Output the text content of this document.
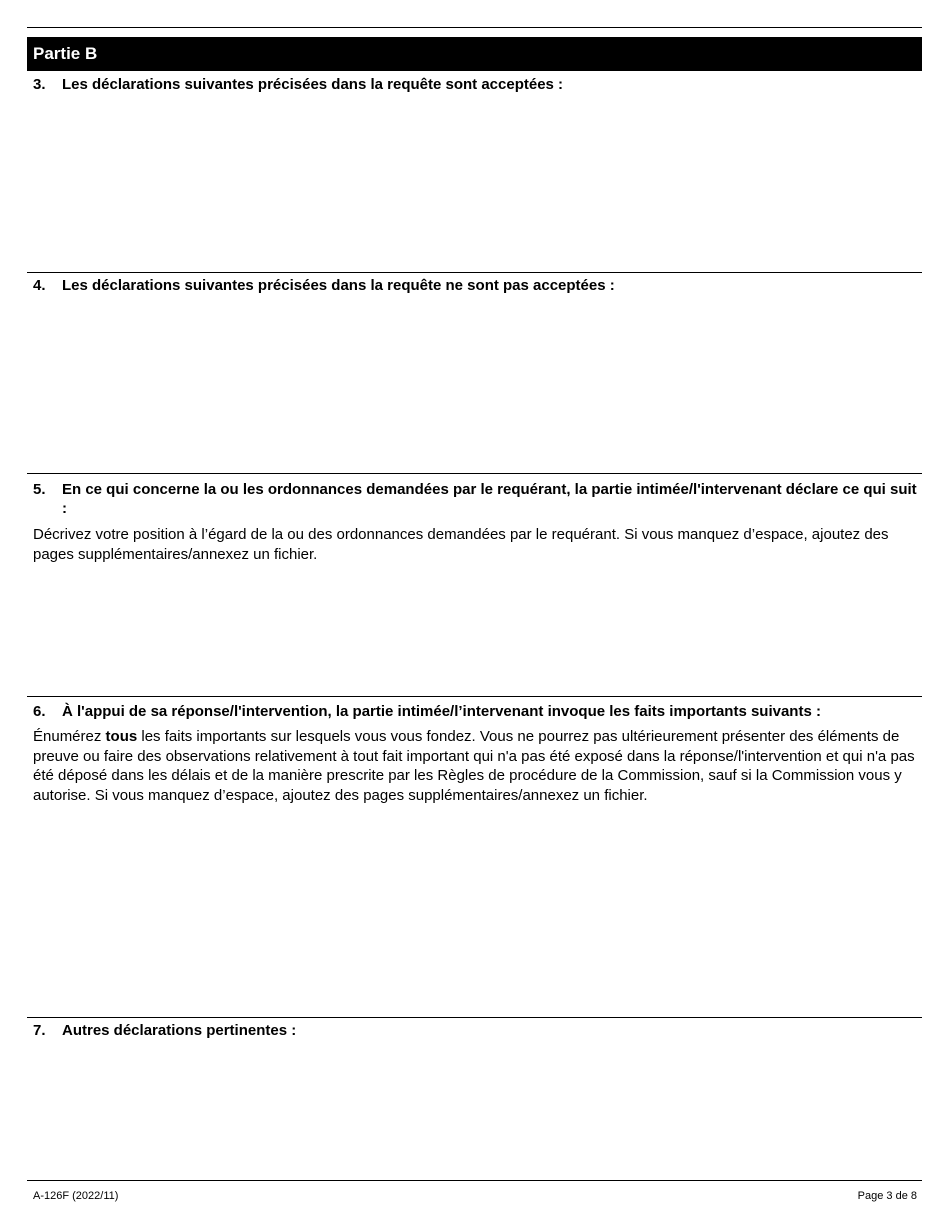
Partie B
3.	Les déclarations suivantes précisées dans la requête sont acceptées :
4.	Les déclarations suivantes précisées dans la requête ne sont pas acceptées :
5.	En ce qui concerne la ou les ordonnances demandées par le requérant, la partie intimée/l'intervenant déclare ce qui suit :
Décrivez votre position à l’égard de la ou des ordonnances demandées par le requérant. Si vous manquez d’espace, ajoutez des pages supplémentaires/annexez un fichier.
6.	À l'appui de sa réponse/l'intervention, la partie intimée/l’intervenant invoque les faits importants suivants :
Énumérez tous les faits importants sur lesquels vous vous fondez. Vous ne pourrez pas ultérieurement présenter des éléments de preuve ou faire des observations relativement à tout fait important qui n'a pas été exposé dans la réponse/l'intervention et qui n'a pas été déposé dans les délais et de la manière prescrite par les Règles de procédure de la Commission, sauf si la Commission vous y autorise. Si vous manquez d’espace, ajoutez des pages supplémentaires/annexez un fichier.
7.	Autres déclarations pertinentes :
A-126F (2022/11)	Page 3 de 8
